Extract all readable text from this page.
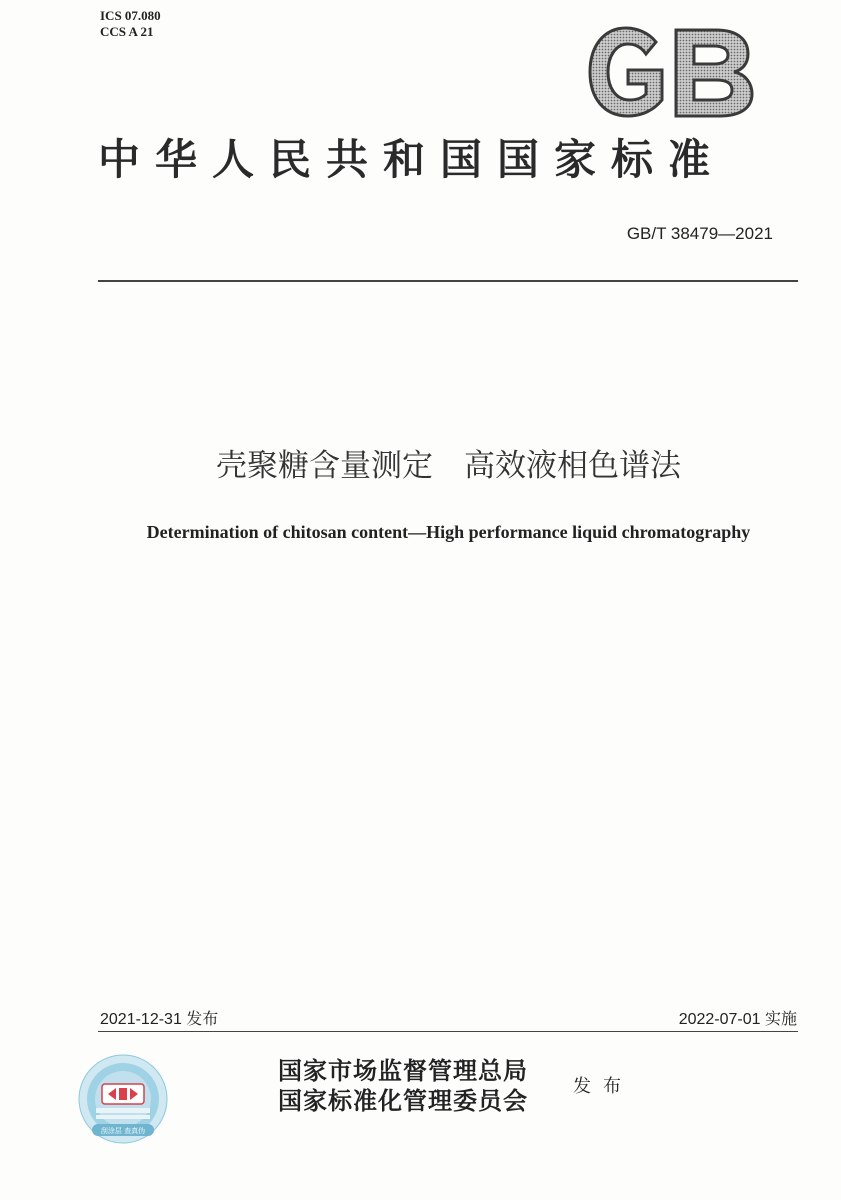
ICS 07.080
CCS A 21
GB
中华人民共和国国家标准
GB/T 38479—2021
壳聚糖含量测定　高效液相色谱法
Determination of chitosan content—High performance liquid chromatography
2021-12-31 发布	2022-07-01 实施
刮涂层 查真伪
国家市场监督管理总局
国家标准化管理委员会	发布
